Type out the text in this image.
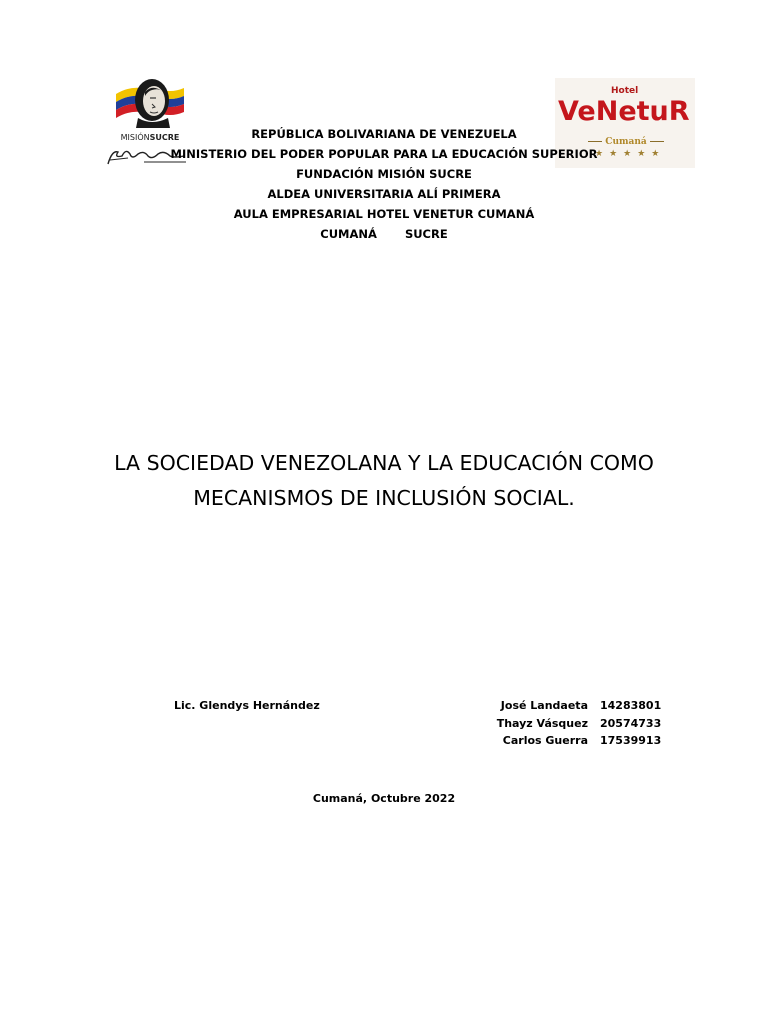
MISIÓNSUCRE
Hotel
VeNetuR
Cumaná
★★★★★
REPÚBLICA BOLIVARIANA DE VENEZUELA
MINISTERIO DEL PODER POPULAR PARA LA EDUCACIÓN SUPERIOR
FUNDACIÓN MISIÓN SUCRE
ALDEA UNIVERSITARIA ALÍ PRIMERA
AULA EMPRESARIAL HOTEL VENETUR CUMANÁ
CUMANÁ       SUCRE
LA SOCIEDAD VENEZOLANA Y LA EDUCACIÓN COMO
MECANISMOS DE INCLUSIÓN SOCIAL.
Lic. Glendys Hernández	José Landaeta 14283801
Thayz Vásquez 20574733
Carlos Guerra 17539913
Cumaná, Octubre 2022
